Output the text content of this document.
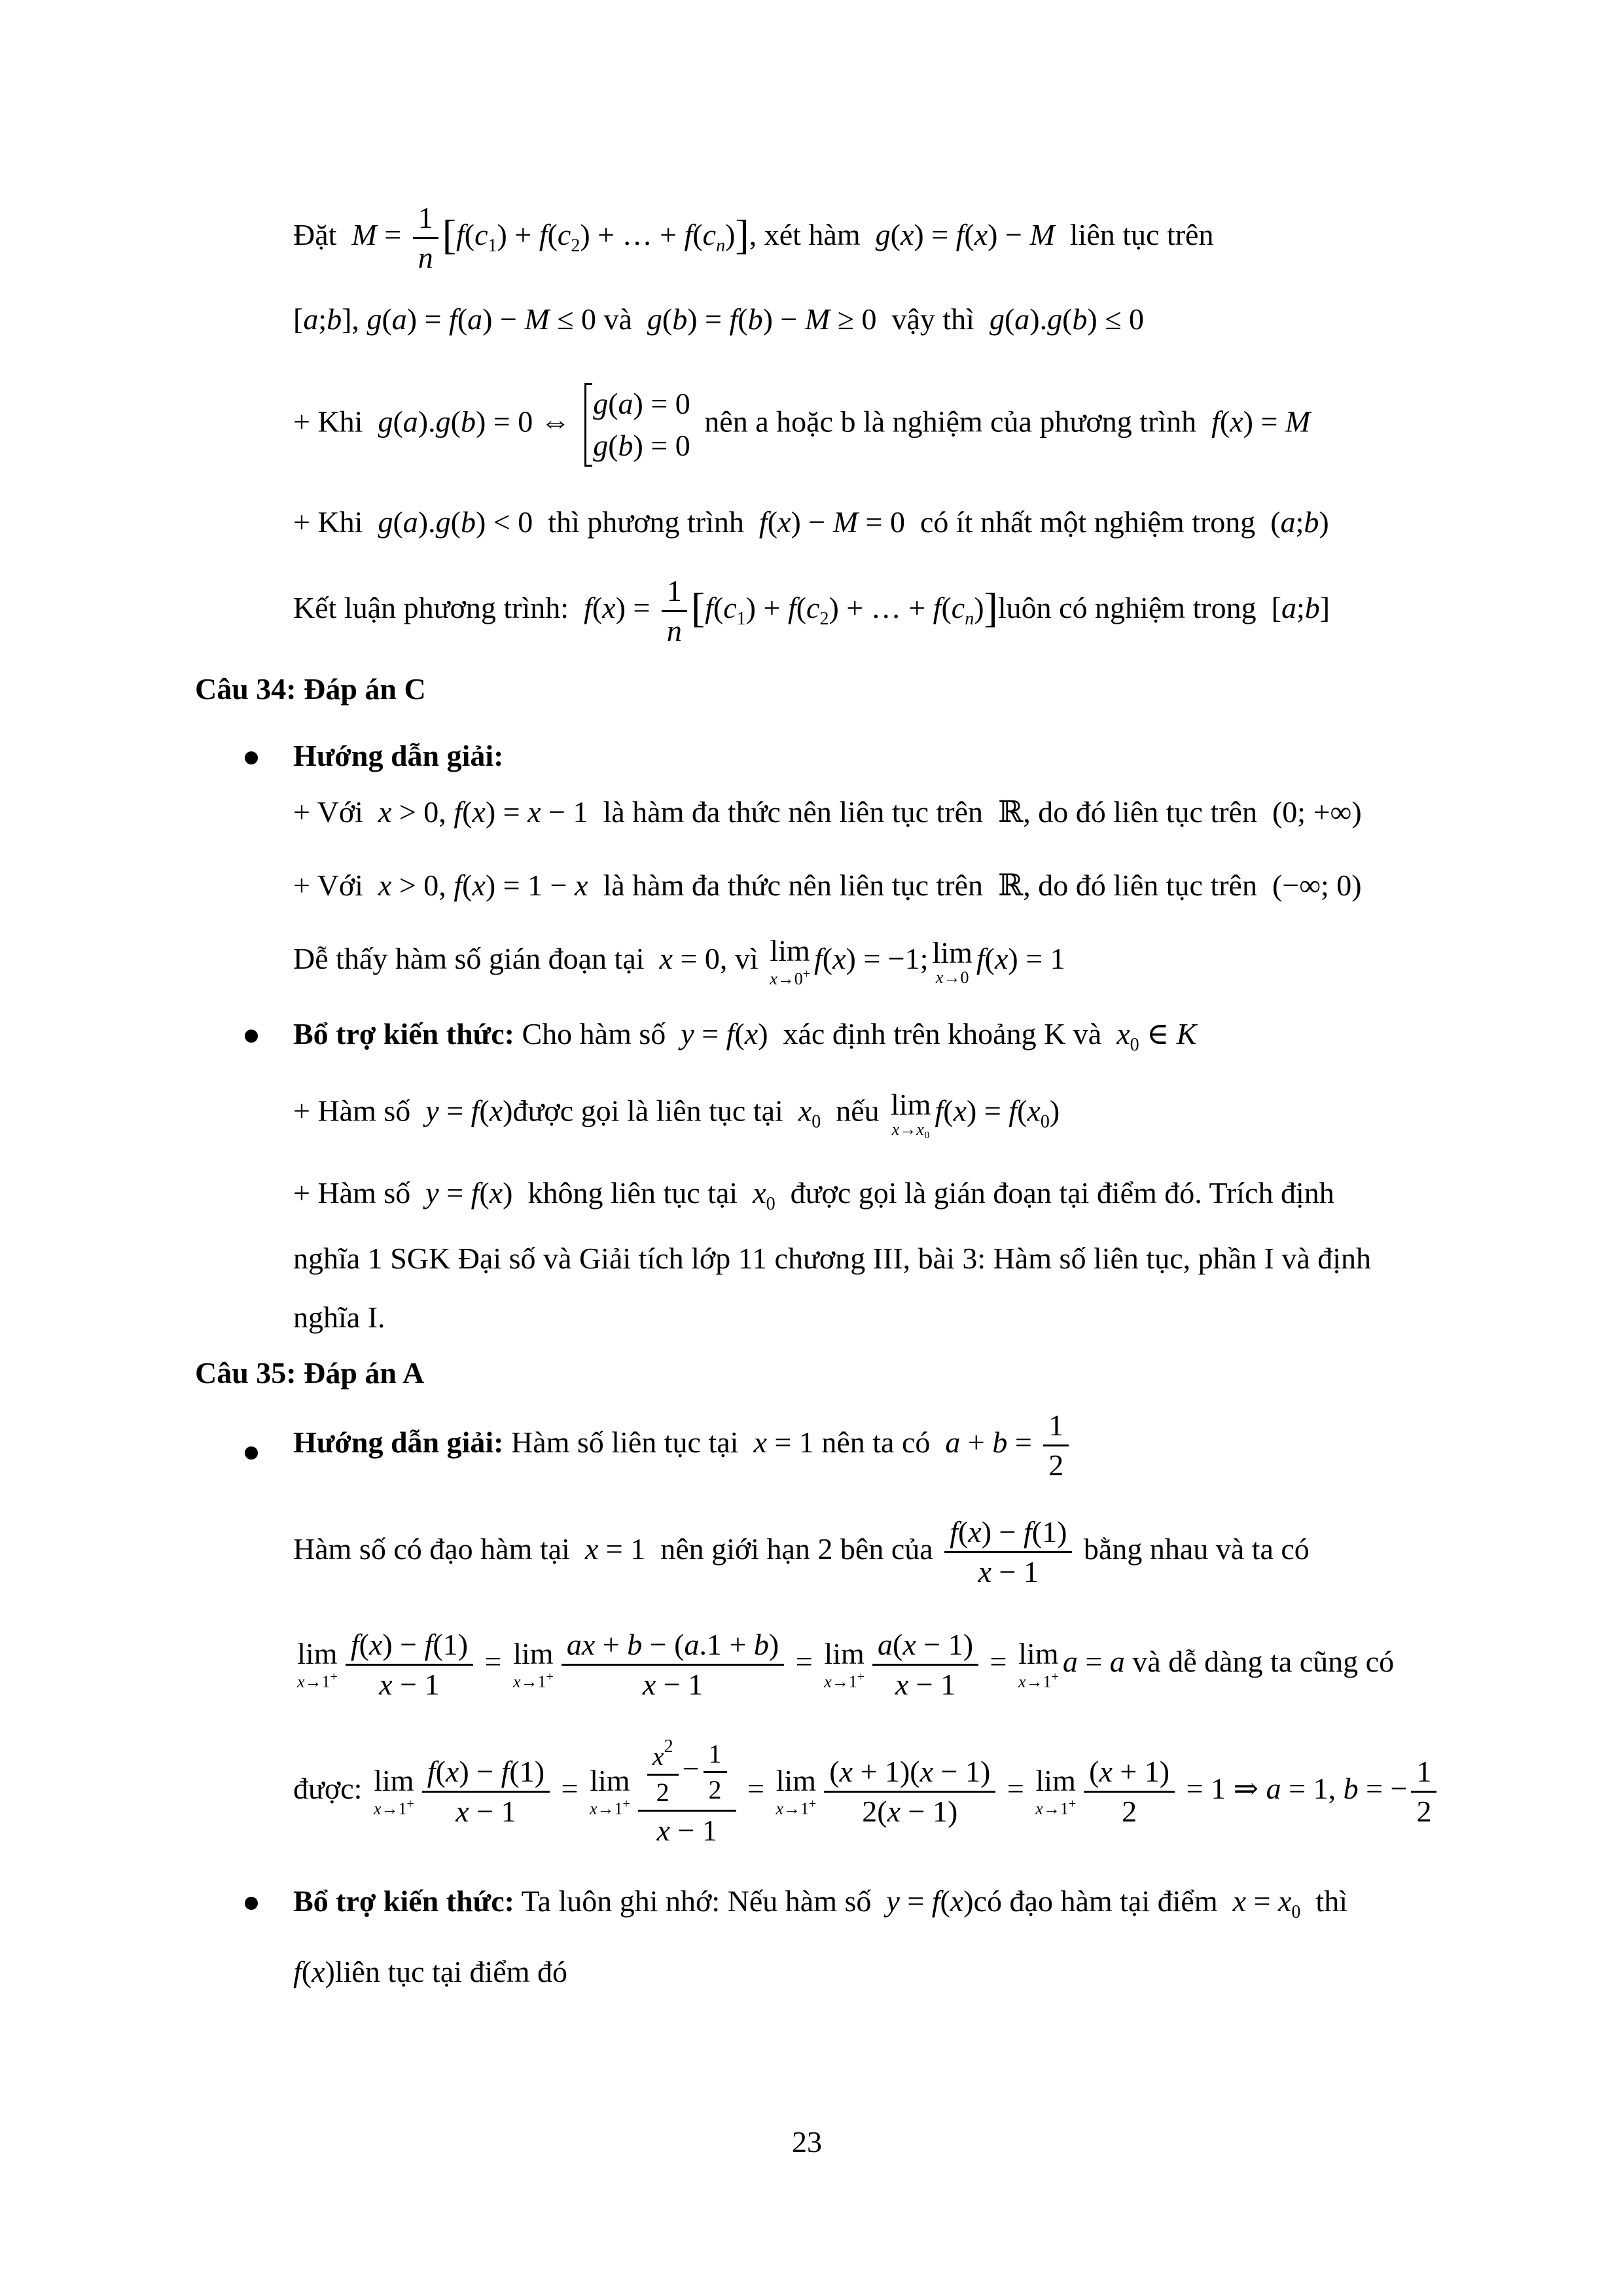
Đặt  $M = \frac{1}{n} [f(c_1) + f(c_2)$ + … + $f(c_n)$], xét hàm  g(x) = f(x) − M liên tục trên
[a;b], g(a) = f(a) − M ≤ 0 và g(b) = f(b) − M ≥ 0  vậy thì g(a).g(b) ≤ 0
+ Khi g(a).g(b) = 0 ⇔
g(a) = 0
g(b) = 0
nên a hoặc b là nghiệm của phương trình f(x) = M
+ Khi g(a).g(b) < 0  thì phương trình f(x) − M = 0  có ít nhất một nghiệm trong  (a;b)
Kết luận phương trình: $f(x) = \frac{1}{n} [f(c_1) + f(c_2)$ + … + $f(c_n)]luôn$ có nghiệm trong  [a;b]
Câu 34: Đáp án C
Hướng dẫn giải:
+ Với x > 0, f(x) = x − 1  là hàm đa thức nên liên tục trên  ℝ, do đó liên tục trên  (0; +∞)
+ Với x > 0, f(x) = 1 − x là hàm đa thức nên liên tục trên  ℝ, do đó liên tục trên  (−∞; 0)
Dễ thấy hàm số gián đoạn tại x = 0, vì lim
x→0+ f(x) = −1; lim
x→0
f(x) = 1
Bổ trợ kiến thức: Cho hàm số y = f(x)  xác định trên khoảng K và $x_0$ ∈ K
+ Hàm số y = f(x)được gọi là liên tục tại $x_0$ nếu lim
x→x₀
$f(x) = f(x_0)$
+ Hàm số y = f(x)  không liên tục tại $x_0$ được gọi là gián đoạn tại điểm đó. Trích định
nghĩa 1 SGK Đại số và Giải tích lớp 11 chương III, bài 3: Hàm số liên tục, phần I và định
nghĩa I.
Câu 35: Đáp án A
Hướng dẫn giải: Hàm số liên tục tại x = 1 nên ta có $a + b = \frac{1}{2}$
Hàm số có đạo hàm tại x = 1  nên giới hạn 2 bên của $\frac{f(x) - f(1)}{x - 1}$ bằng nhau và ta có
lim
$x\to 1^+ \frac{f(x) - f(1)}{x - 1} = \lim$
$x\to 1^+ \frac{ax + b - (a.1 + b)}{x - 1} = \lim$
$x\to 1^+ \frac{a(x - 1)}{x - 1} = \lim$
x→1+ a = a và dễ dàng ta cũng có
được: lim
$x\to 1^+ \frac{f(x) - f(1)}{x - 1} = \lim$
$x\to 1^+ \frac{\frac{x^2}{2} - \frac{1}{2}}{x - 1} = \lim$
$x\to 1^+ \frac{(x + 1)(x - 1)}{2(x - 1)} = \lim$
$x\to 1^+ \frac{(x + 1)}{2} = 1$ ⇒ a = 1, b = − $\frac{1}{2}$
Bổ trợ kiến thức: Ta luôn ghi nhớ: Nếu hàm số y = f(x)có đạo hàm tại điểm $x = x_0$ thì
f(x)liên tục tại điểm đó
23
